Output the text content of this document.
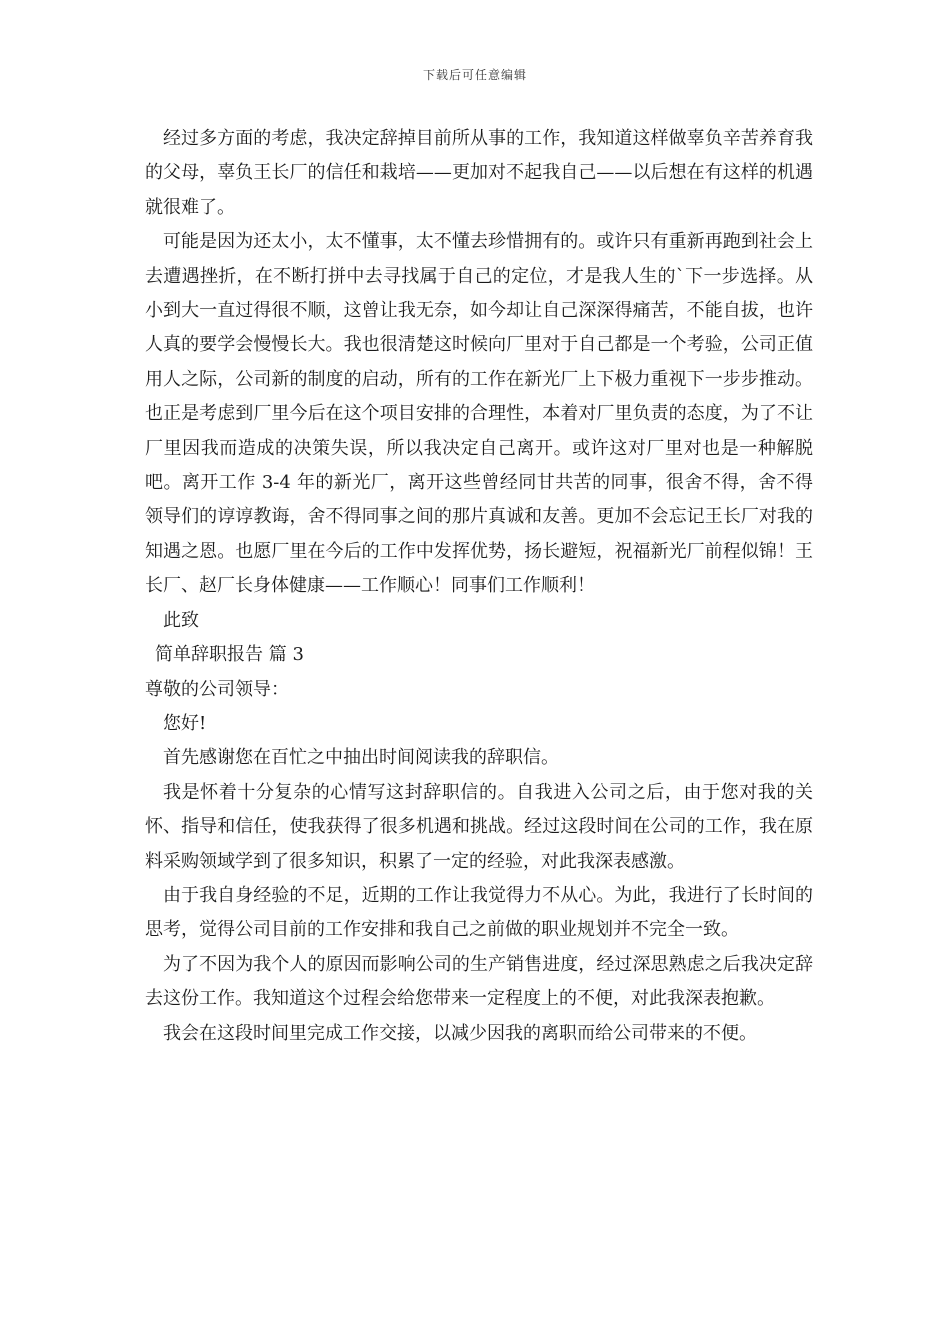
下载后可任意编辑

经过多方面的考虑，我决定辞掉目前所从事的工作，我知道这样做辜负辛苦养育我的父母，辜负王长厂的信任和栽培——更加对不起我自己——以后想在有这样的机遇就很难了。

可能是因为还太小，太不懂事，太不懂去珍惜拥有的。或许只有重新再跑到社会上去遭遇挫折，在不断打拼中去寻找属于自己的定位，才是我人生的`下一步选择。从小到大一直过得很不顺，这曾让我无奈，如今却让自己深深得痛苦，不能自拔，也许人真的要学会慢慢长大。我也很清楚这时候向厂里对于自己都是一个考验，公司正值用人之际，公司新的制度的启动，所有的工作在新光厂上下极力重视下一步步推动。也正是考虑到厂里今后在这个项目安排的合理性，本着对厂里负责的态度，为了不让厂里因我而造成的决策失误，所以我决定自己离开。或许这对厂里对也是一种解脱吧。离开工作 3-4 年的新光厂，离开这些曾经同甘共苦的同事，很舍不得，舍不得领导们的谆谆教诲，舍不得同事之间的那片真诚和友善。更加不会忘记王长厂对我的知遇之恩。也愿厂里在今后的工作中发挥优势，扬长避短，祝福新光厂前程似锦！王长厂、赵厂长身体健康——工作顺心！同事们工作顺利！

此致

简单辞职报告 篇 3

尊敬的公司领导：

您好!

首先感谢您在百忙之中抽出时间阅读我的辞职信。

我是怀着十分复杂的心情写这封辞职信的。自我进入公司之后，由于您对我的关怀、指导和信任，使我获得了很多机遇和挑战。经过这段时间在公司的工作，我在原料采购领域学到了很多知识，积累了一定的经验，对此我深表感激。

由于我自身经验的不足，近期的工作让我觉得力不从心。为此，我进行了长时间的思考，觉得公司目前的工作安排和我自己之前做的职业规划并不完全一致。

为了不因为我个人的原因而影响公司的生产销售进度，经过深思熟虑之后我决定辞去这份工作。我知道这个过程会给您带来一定程度上的不便，对此我深表抱歉。

我会在这段时间里完成工作交接，以减少因我的离职而给公司带来的不便。
